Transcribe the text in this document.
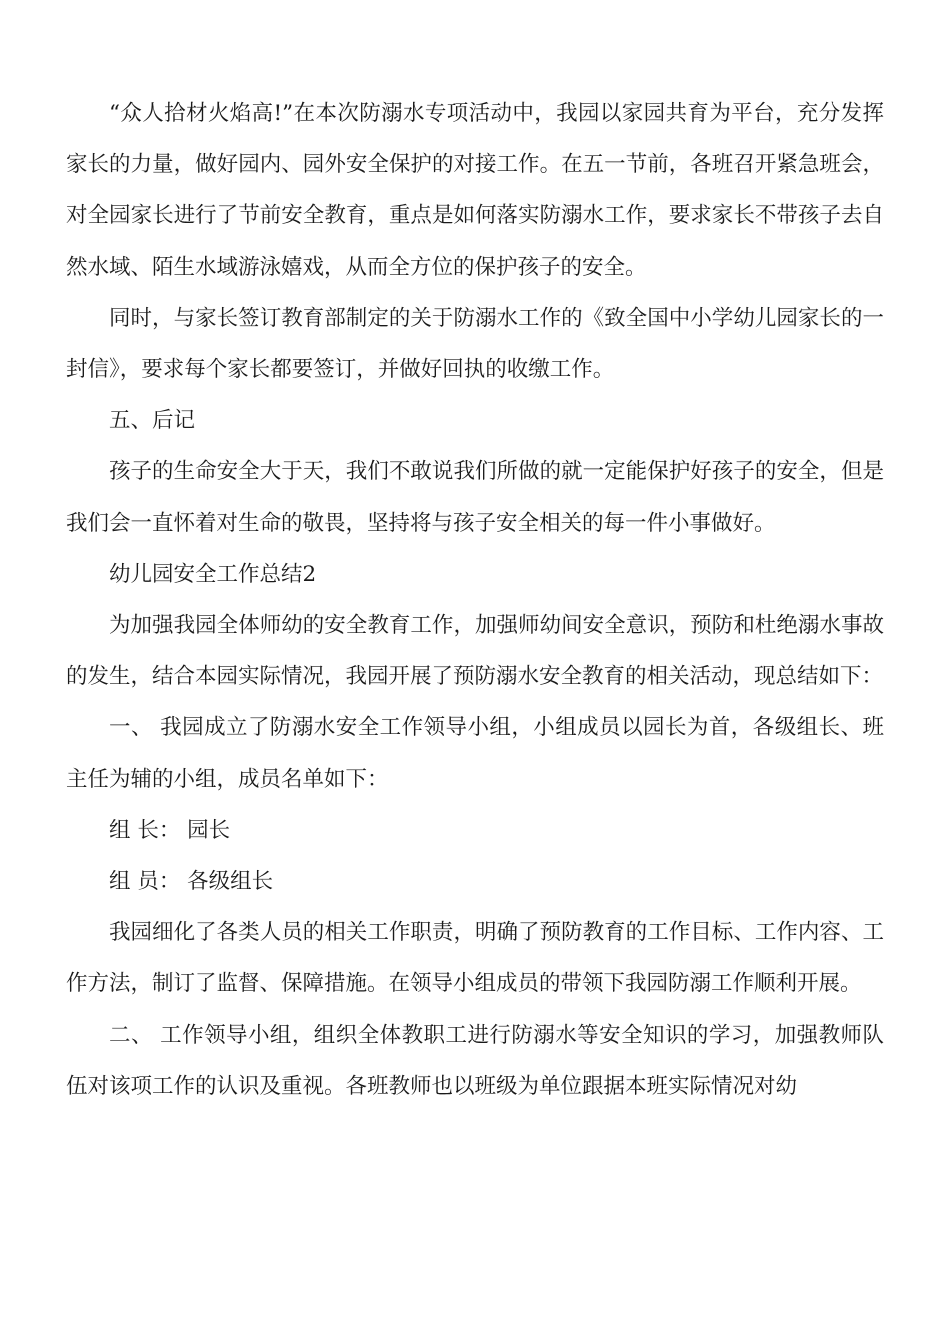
“众人拾材火焰高!”在本次防溺水专项活动中，我园以家园共育为平台，充分发挥家长的力量，做好园内、园外安全保护的对接工作。在五一节前，各班召开紧急班会，对全园家长进行了节前安全教育，重点是如何落实防溺水工作，要求家长不带孩子去自然水域、陌生水域游泳嬉戏，从而全方位的保护孩子的安全。

同时，与家长签订教育部制定的关于防溺水工作的《致全国中小学幼儿园家长的一封信》，要求每个家长都要签订，并做好回执的收缴工作。

五、后记

孩子的生命安全大于天，我们不敢说我们所做的就一定能保护好孩子的安全，但是我们会一直怀着对生命的敬畏，坚持将与孩子安全相关的每一件小事做好。

幼儿园安全工作总结2

为加强我园全体师幼的安全教育工作，加强师幼间安全意识，预防和杜绝溺水事故的发生，结合本园实际情况，我园开展了预防溺水安全教育的相关活动，现总结如下：

一、 我园成立了防溺水安全工作领导小组，小组成员以园长为首，各级组长、班主任为辅的小组，成员名单如下：

组 长： 园长

组 员： 各级组长

我园细化了各类人员的相关工作职责，明确了预防教育的工作目标、工作内容、工作方法，制订了监督、保障措施。在领导小组成员的带领下我园防溺工作顺利开展。

二、 工作领导小组，组织全体教职工进行防溺水等安全知识的学习，加强教师队伍对该项工作的认识及重视。各班教师也以班级为单位跟据本班实际情况对幼
